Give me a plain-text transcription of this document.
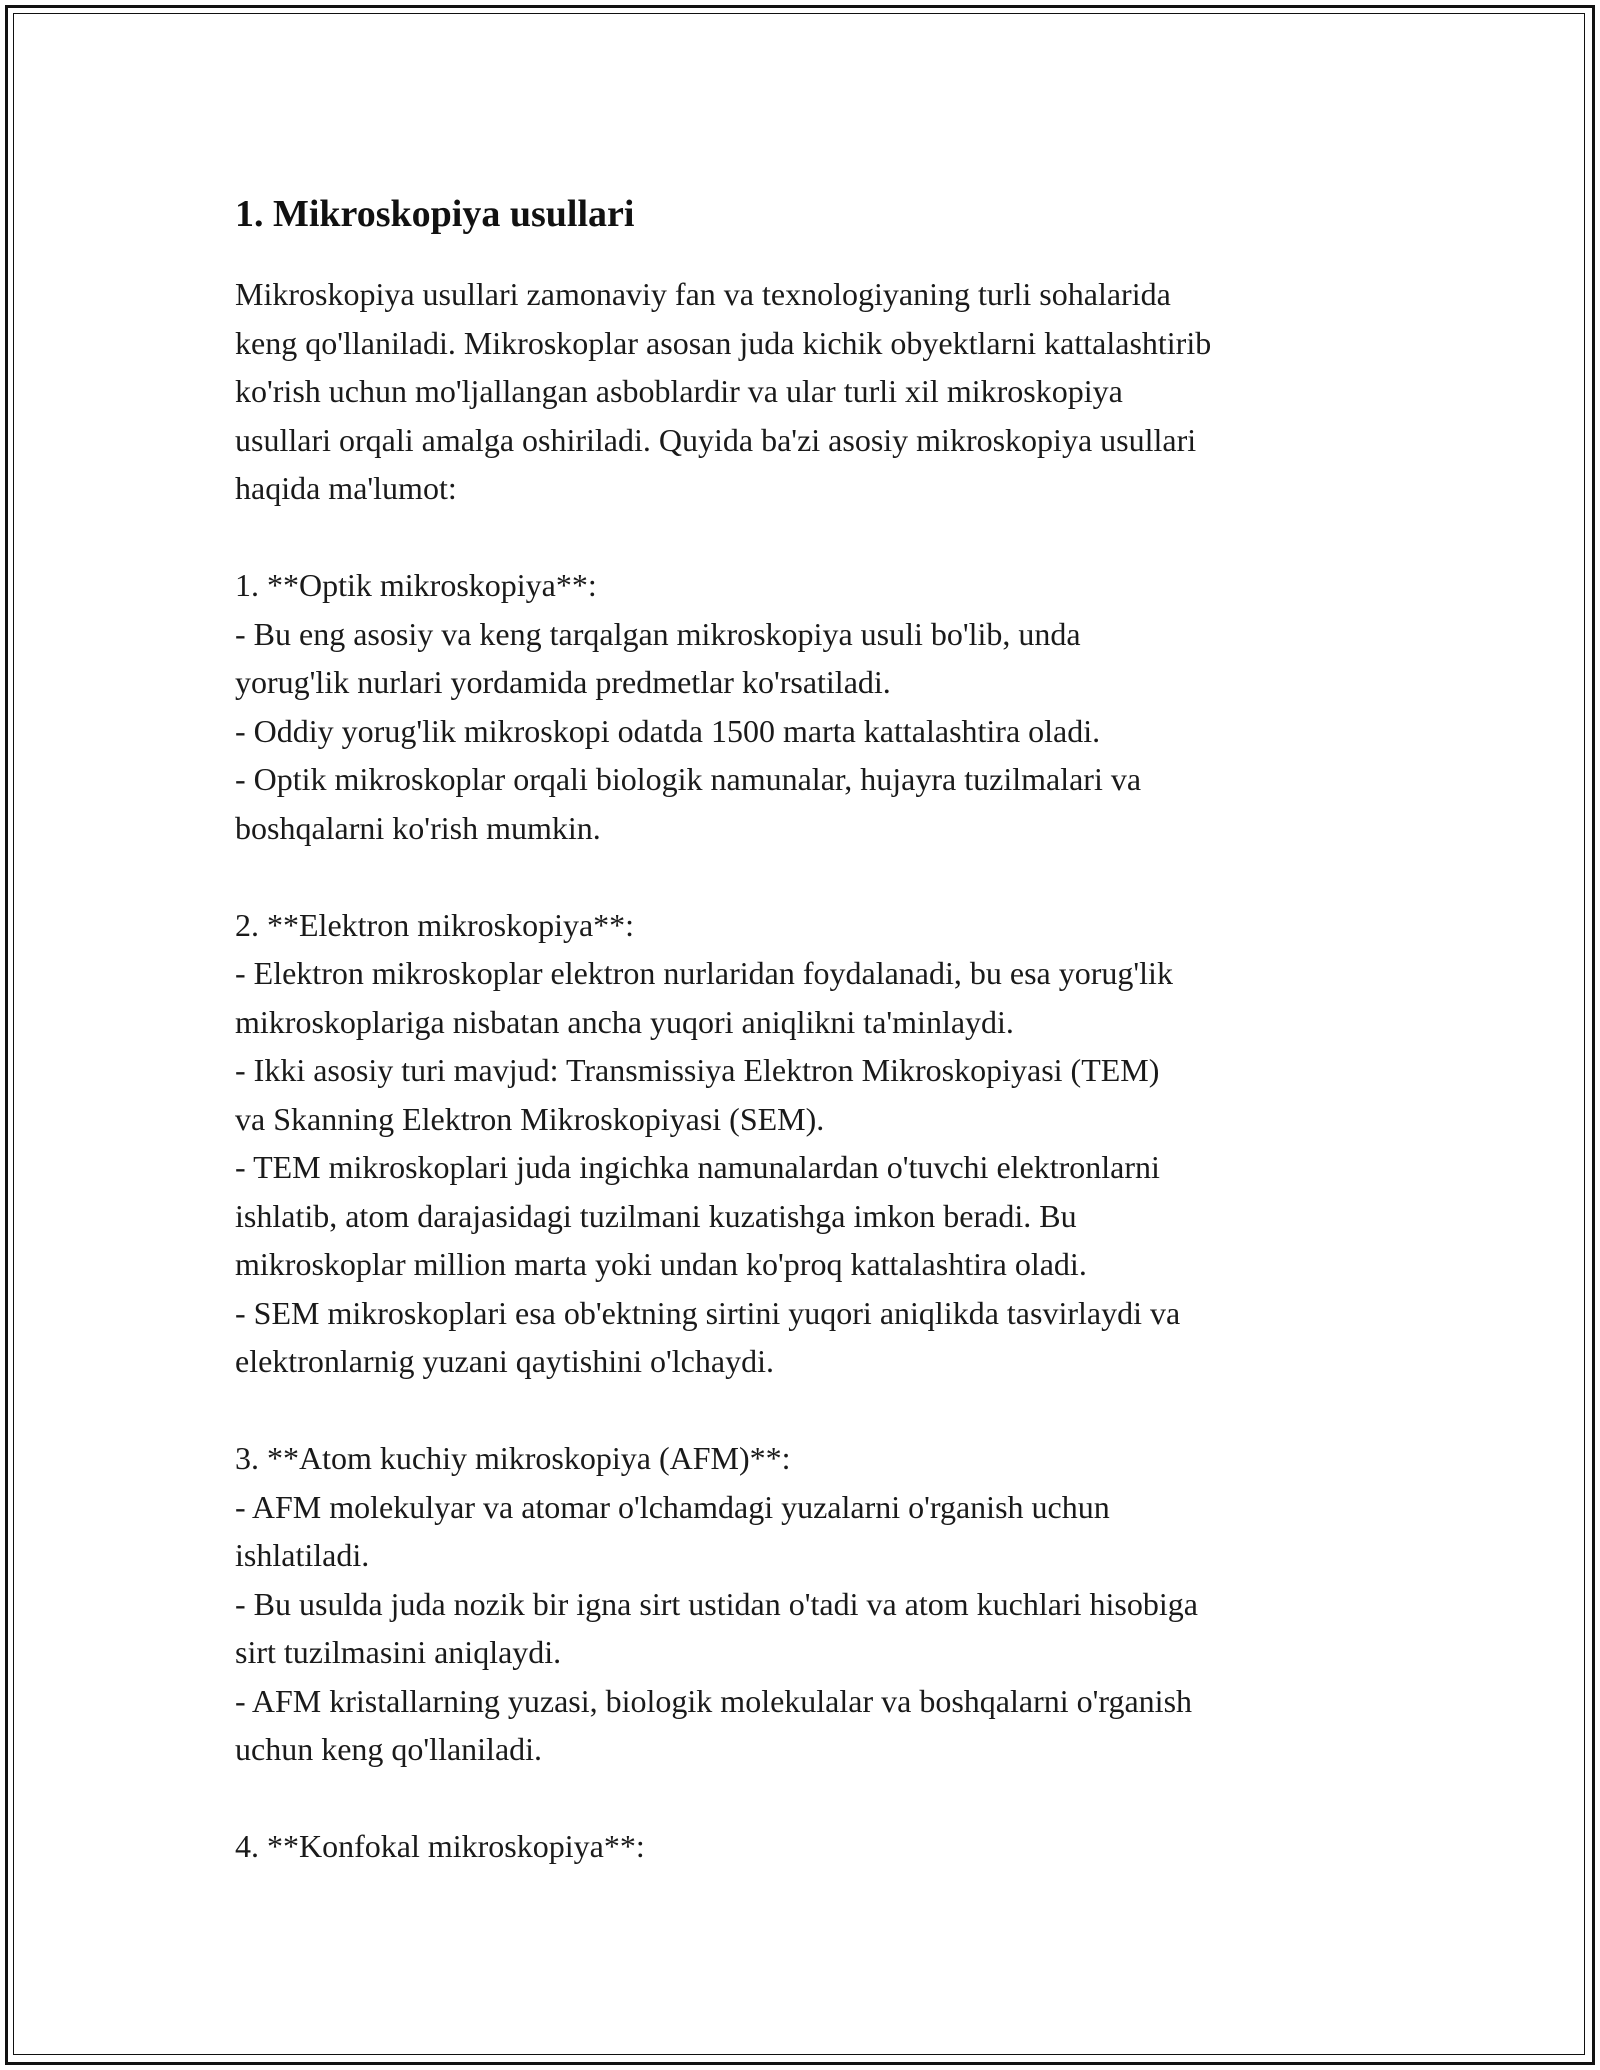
1. Mikroskopiya usullari

Mikroskopiya usullari zamonaviy fan va texnologiyaning turli sohalarida
keng qo'llaniladi. Mikroskoplar asosan juda kichik obyektlarni kattalashtirib
ko'rish uchun mo'ljallangan asboblardir va ular turli xil mikroskopiya
usullari orqali amalga oshiriladi. Quyida ba'zi asosiy mikroskopiya usullari
haqida ma'lumot:

1. **Optik mikroskopiya**:
- Bu eng asosiy va keng tarqalgan mikroskopiya usuli bo'lib, unda
yorug'lik nurlari yordamida predmetlar ko'rsatiladi.
- Oddiy yorug'lik mikroskopi odatda 1500 marta kattalashtira oladi.
- Optik mikroskoplar orqali biologik namunalar, hujayra tuzilmalari va
boshqalarni ko'rish mumkin.

2. **Elektron mikroskopiya**:
- Elektron mikroskoplar elektron nurlaridan foydalanadi, bu esa yorug'lik
mikroskoplariga nisbatan ancha yuqori aniqlikni ta'minlaydi.
- Ikki asosiy turi mavjud: Transmissiya Elektron Mikroskopiyasi (TEM)
va Skanning Elektron Mikroskopiyasi (SEM).
- TEM mikroskoplari juda ingichka namunalardan o'tuvchi elektronlarni
ishlatib, atom darajasidagi tuzilmani kuzatishga imkon beradi. Bu
mikroskoplar million marta yoki undan ko'proq kattalashtira oladi.
- SEM mikroskoplari esa ob'ektning sirtini yuqori aniqlikda tasvirlaydi va
elektronlarnig yuzani qaytishini o'lchaydi.

3. **Atom kuchiy mikroskopiya (AFM)**:
- AFM molekulyar va atomar o'lchamdagi yuzalarni o'rganish uchun
ishlatiladi.
- Bu usulda juda nozik bir igna sirt ustidan o'tadi va atom kuchlari hisobiga
sirt tuzilmasini aniqlaydi.
- AFM kristallarning yuzasi, biologik molekulalar va boshqalarni o'rganish
uchun keng qo'llaniladi.

4. **Konfokal mikroskopiya**:
